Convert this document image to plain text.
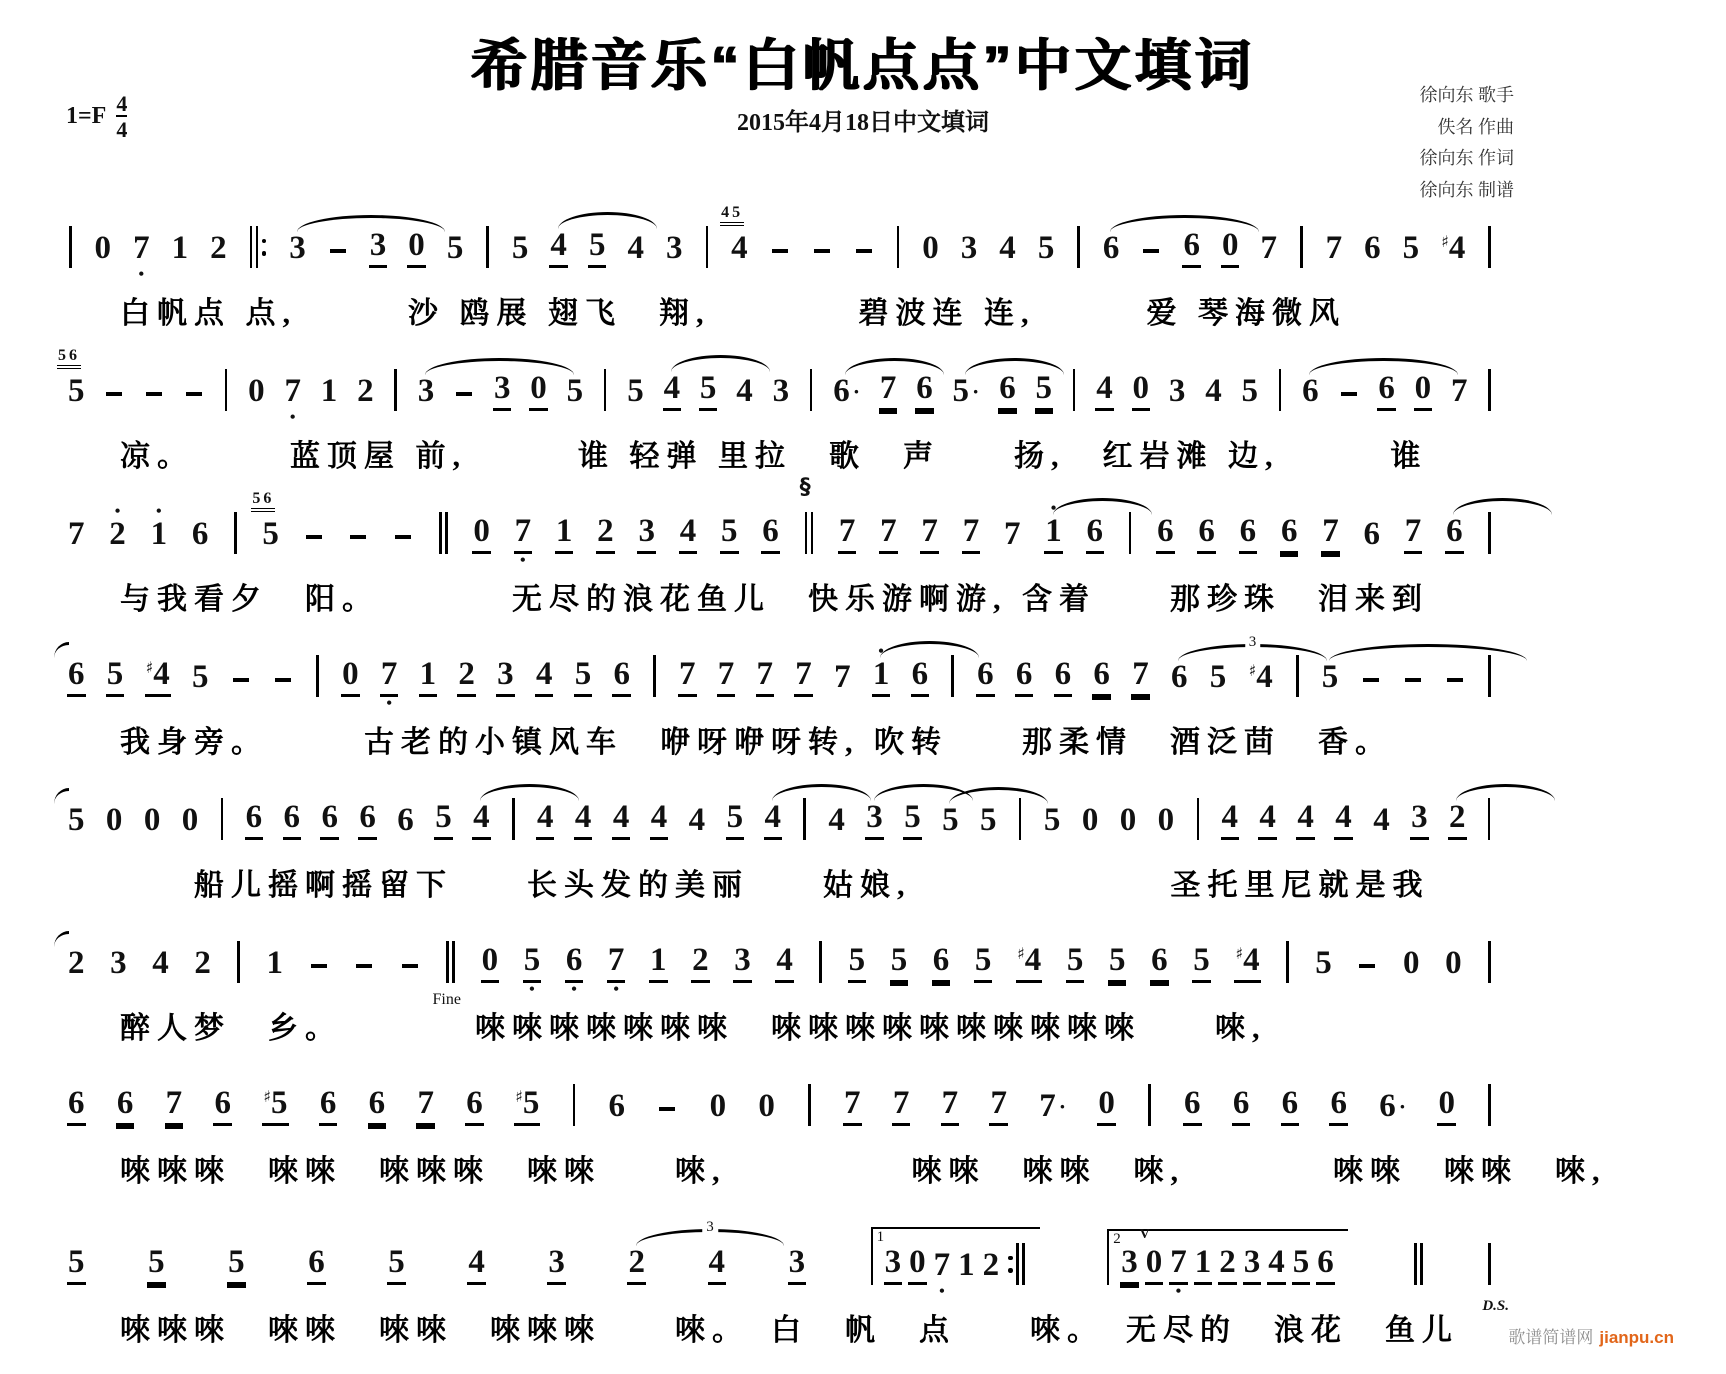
希腊音乐“白帆点点”中文填词
2015年4月18日中文填词
$1=F \frac{4}{4}$	徐向东 歌手
佚名 作曲
徐向东 作词
徐向东 制谱
0 7
•
1 2 3 3 0 5 5 4 5 4 3
45
4	0 3 4 5 6 6 0 7 7 6 5 ♯ 4
白帆点 点,　　　沙 鸥展 翅飞　翔,　　　　碧波连 连,　　　爱 琴海微风
56
5	0 7
•
1 2 3 3 0 5 5 4 5 4 3 6 · 7 6 5 · 6 5 4 0 3 4 5 6 6 0 7
凉。　　　蓝顶屋 前,　　　谁 轻弹 里拉　歌　声　　扬,　红岩滩 边,　　　谁
7 2
•
1
•
6
56
5	0 7
•
1 2 3 4 5 6
§
7 7 7 7 7 1
•
6 6 6 6 6 7 6 7 6
与我看夕　阳。　　　　无尽的浪花鱼儿　快乐游啊游, 含着　　那珍珠　泪来到
6 5 ♯ 4 5	0 7
•
1 2 3 4 5 6 7 7 7 7 7 1
•
6 6 6 6 6 7
3
6 5 ♯ 4 5
我身旁。　　　古老的小镇风车　咿呀咿呀转, 吹转　　那柔情　酒泛茴　香。
5 0 0 0 6 6 6 6 6 5 4 4 4 4 4 4 5 4 4 3 5 5 5 5 0 0 0 4 4 4 4 4 3 2
　　船儿摇啊摇留下　　长头发的美丽　　姑娘,　　　　　　　圣托里尼就是我
2 3 4 2 1
Fine
0 5
•
6
•
7
•
1 2 3 4 5 5 6 5 ♯ 4 5 5 6 5 ♯ 4 5 0 0
醉人梦　乡。　　　　唻唻唻唻唻唻唻　唻唻唻唻唻唻唻唻唻唻　　唻,
6 6 7 6 ♯ 5 6 6 7 6 ♯ 5 6	0 0 7 7 7 7 7 · 0 6 6 6 6 6 · 0
唻唻唻　唻唻　唻唻唻　唻唻　　唻,　　　　　唻唻　唻唻　唻,　　　　唻唻　唻唻　唻,
5 5 5 6 5 4 3
3
2 4 3
1
3 0 7
•
1 2
2
3
V
0 7
•
1 2 3 4 5 6
D.S.
唻唻唻　唻唻　唻唻　唻唻唻　　唻。　白　帆　点　　唻。　无尽的　浪花　鱼儿	歌谱简谱网 jianpu.cn
